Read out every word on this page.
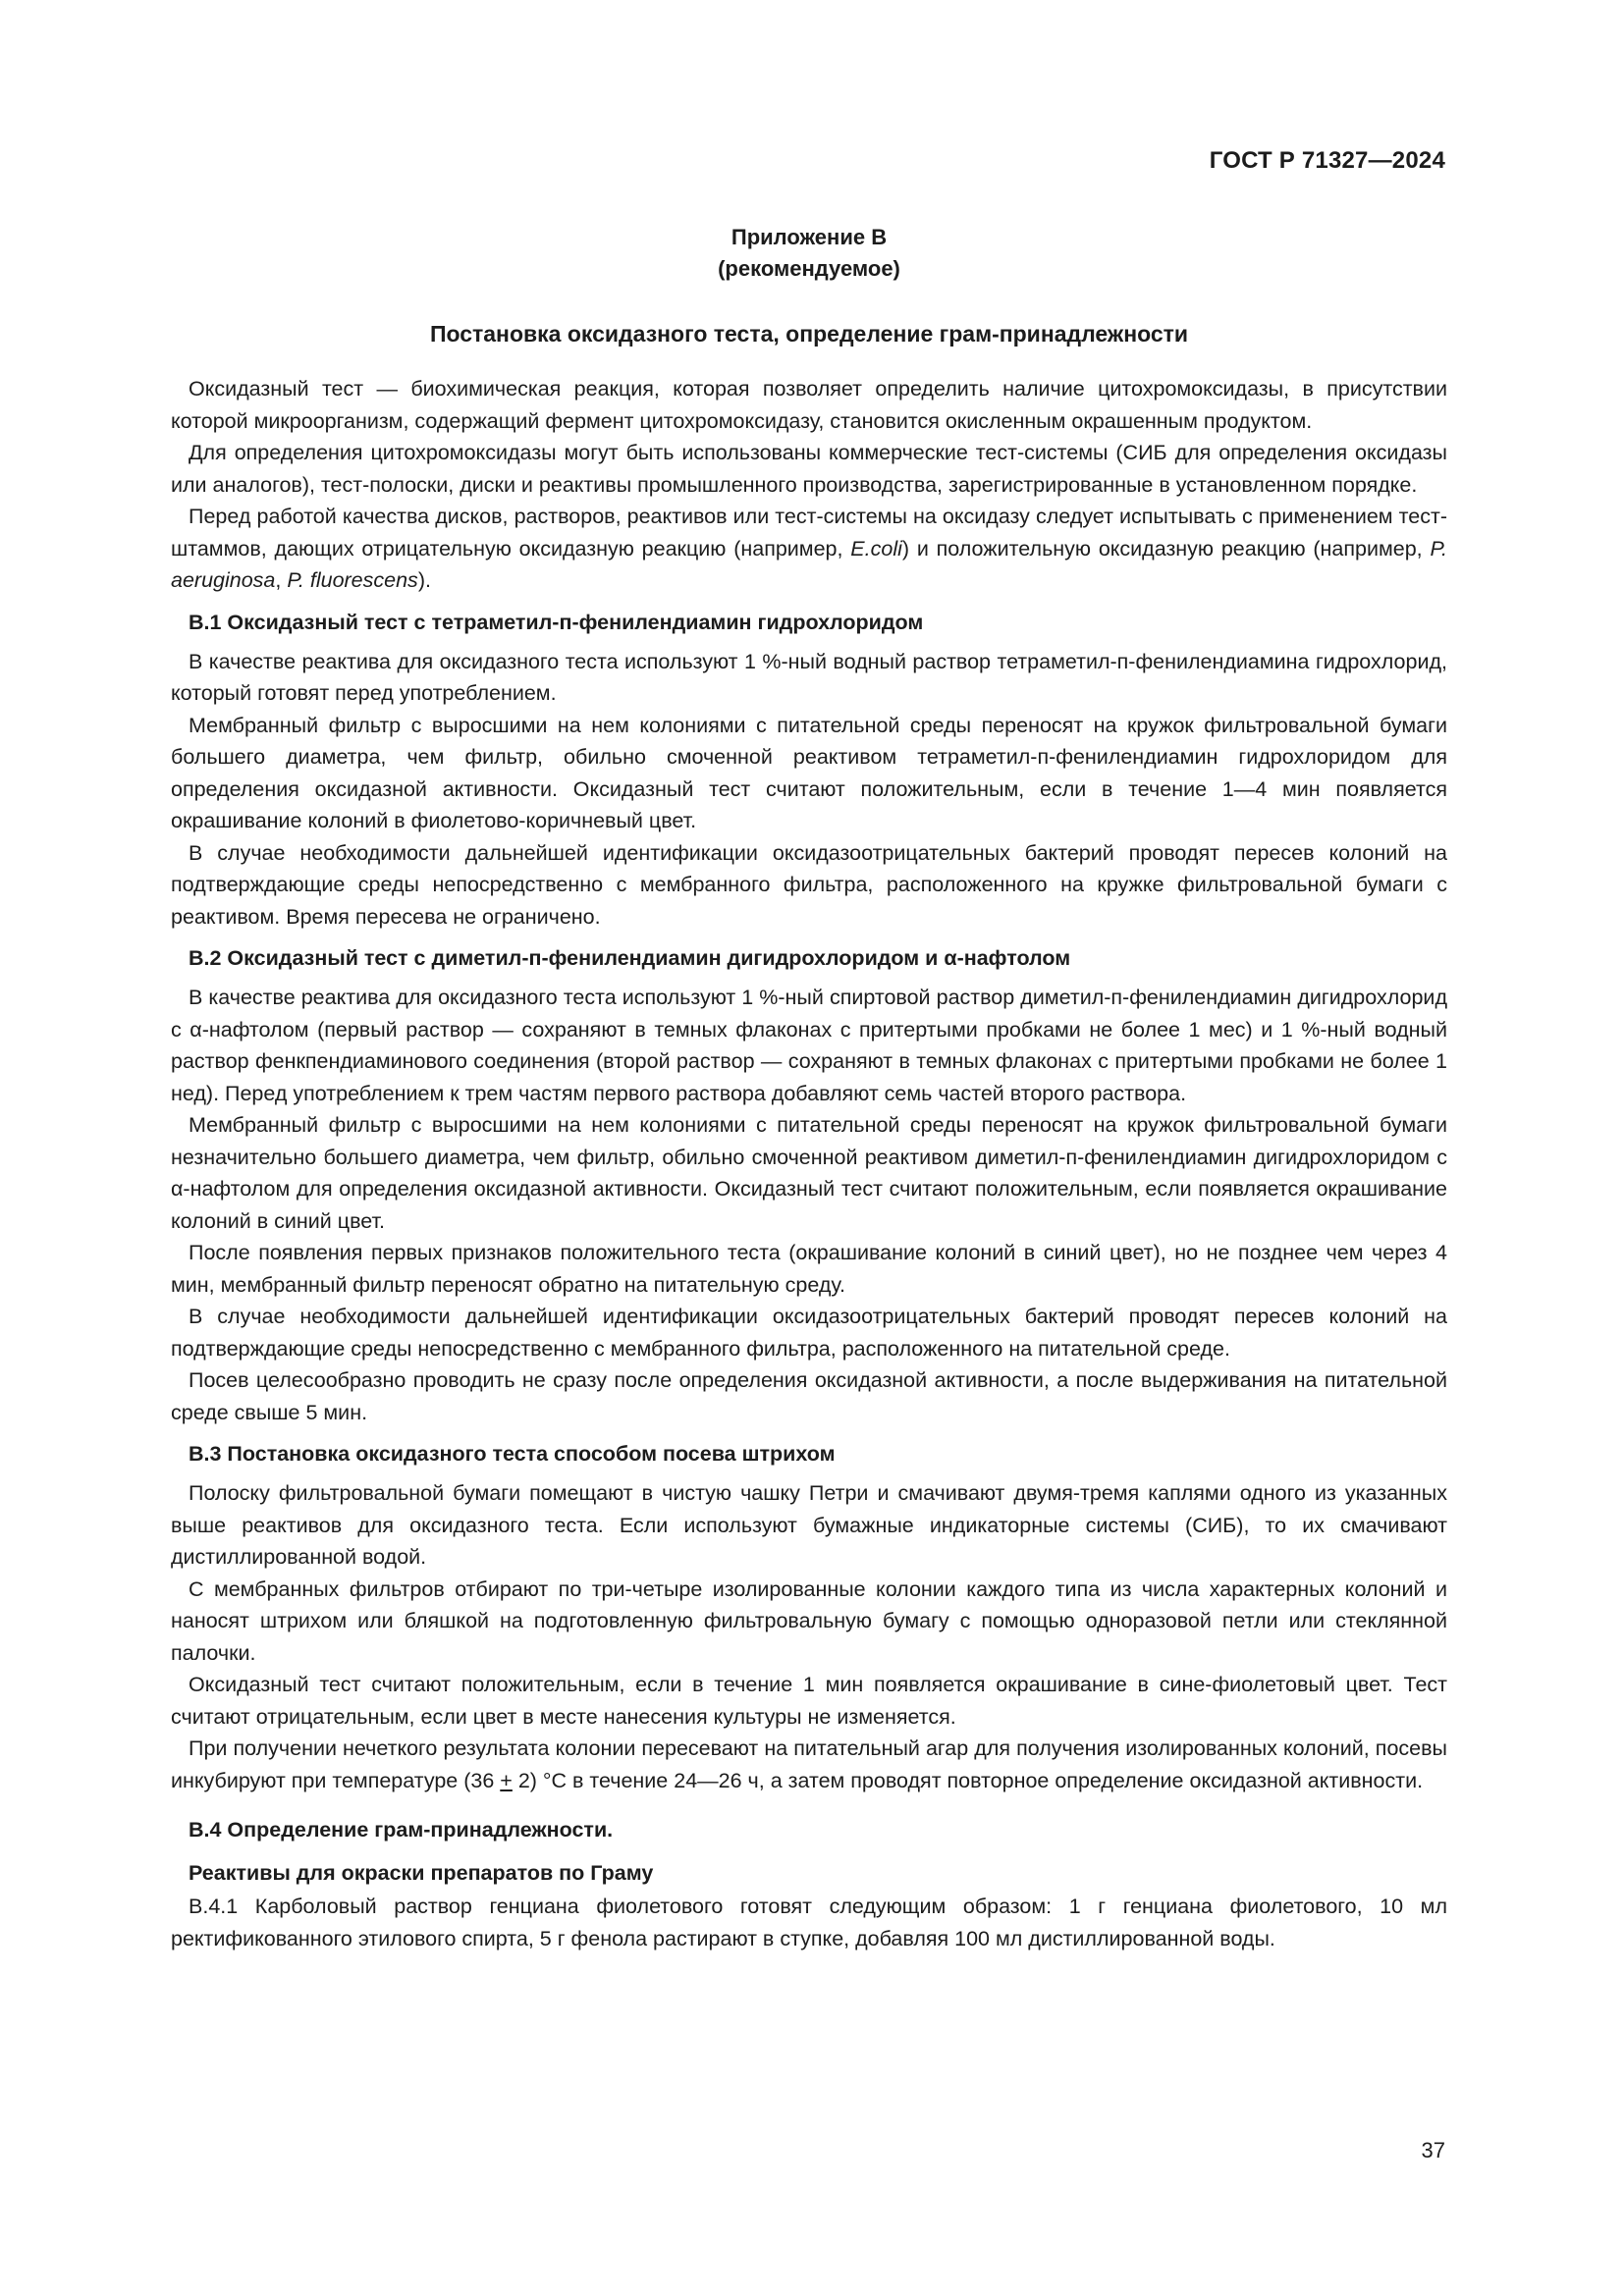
ГОСТ Р 71327—2024
Приложение В
(рекомендуемое)
Постановка оксидазного теста, определение грам-принадлежности

Оксидазный тест — биохимическая реакция, которая позволяет определить наличие цитохромоксидазы, в присутствии которой микроорганизм, содержащий фермент цитохромоксидазу, становится окисленным окрашенным продуктом.

Для определения цитохромоксидазы могут быть использованы коммерческие тест-системы (СИБ для определения оксидазы или аналогов), тест-полоски, диски и реактивы промышленного производства, зарегистрированные в установленном порядке.

Перед работой качества дисков, растворов, реактивов или тест-системы на оксидазу следует испытывать с применением тест-штаммов, дающих отрицательную оксидазную реакцию (например, E.coli) и положительную оксидазную реакцию (например, P. aeruginosa, P. fluorescens).

В.1 Оксидазный тест с тетраметил-п-фенилендиамин гидрохлоридом

В качестве реактива для оксидазного теста используют 1 %-ный водный раствор тетраметил-п-фенилендиамина гидрохлорид, который готовят перед употреблением.

Мембранный фильтр с выросшими на нем колониями с питательной среды переносят на кружок фильтровальной бумаги большего диаметра, чем фильтр, обильно смоченной реактивом тетраметил-п-фенилендиамин гидрохлоридом для определения оксидазной активности. Оксидазный тест считают положительным, если в течение 1—4 мин появляется окрашивание колоний в фиолетово-коричневый цвет.

В случае необходимости дальнейшей идентификации оксидазоотрицательных бактерий проводят пересев колоний на подтверждающие среды непосредственно с мембранного фильтра, расположенного на кружке фильтровальной бумаги с реактивом. Время пересева не ограничено.

В.2 Оксидазный тест с диметил-п-фенилендиамин дигидрохлоридом и α-нафтолом

В качестве реактива для оксидазного теста используют 1 %-ный спиртовой раствор диметил-п-фенилендиамин дигидрохлорид с α-нафтолом (первый раствор — сохраняют в темных флаконах с притертыми пробками не более 1 мес) и 1 %-ный водный раствор фенкпендиаминового соединения (второй раствор — сохраняют в темных флаконах с притертыми пробками не более 1 нед). Перед употреблением к трем частям первого раствора добавляют семь частей второго раствора.

Мембранный фильтр с выросшими на нем колониями с питательной среды переносят на кружок фильтровальной бумаги незначительно большего диаметра, чем фильтр, обильно смоченной реактивом диметил-п-фенилендиамин дигидрохлоридом с α-нафтолом для определения оксидазной активности. Оксидазный тест считают положительным, если появляется окрашивание колоний в синий цвет.

После появления первых признаков положительного теста (окрашивание колоний в синий цвет), но не позднее чем через 4 мин, мембранный фильтр переносят обратно на питательную среду.

В случае необходимости дальнейшей идентификации оксидазоотрицательных бактерий проводят пересев колоний на подтверждающие среды непосредственно с мембранного фильтра, расположенного на питательной среде.

Посев целесообразно проводить не сразу после определения оксидазной активности, а после выдерживания на питательной среде свыше 5 мин.

В.3 Постановка оксидазного теста способом посева штрихом

Полоску фильтровальной бумаги помещают в чистую чашку Петри и смачивают двумя-тремя каплями одного из указанных выше реактивов для оксидазного теста. Если используют бумажные индикаторные системы (СИБ), то их смачивают дистиллированной водой.

С мембранных фильтров отбирают по три-четыре изолированные колонии каждого типа из числа характерных колоний и наносят штрихом или бляшкой на подготовленную фильтровальную бумагу с помощью одноразовой петли или стеклянной палочки.

Оксидазный тест считают положительным, если в течение 1 мин появляется окрашивание в сине-фиолетовый цвет. Тест считают отрицательным, если цвет в месте нанесения культуры не изменяется.

При получении нечеткого результата колонии пересевают на питательный агар для получения изолированных колоний, посевы инкубируют при температуре (36 + 2) °С в течение 24—26 ч, а затем проводят повторное определение оксидазной активности.

В.4 Определение грам-принадлежности.
Реактивы для окраски препаратов по Граму

В.4.1 Карболовый раствор генциана фиолетового готовят следующим образом: 1 г генциана фиолетового, 10 мл ректификованного этилового спирта, 5 г фенола растирают в ступке, добавляя 100 мл дистиллированной воды.

37
